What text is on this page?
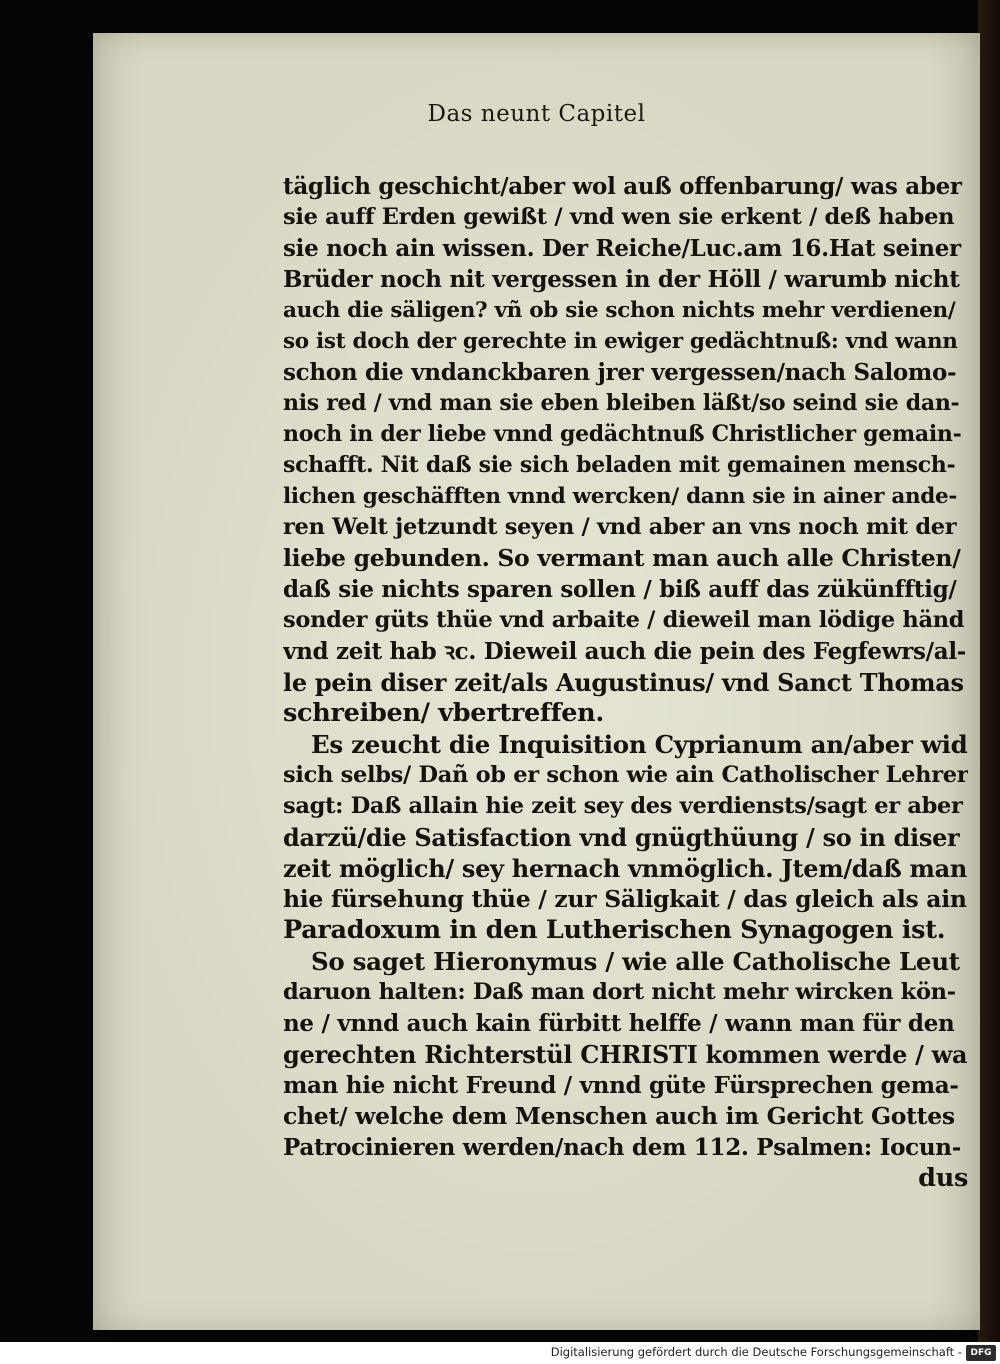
Das neunt Capitel
täglich geschicht/aber wol auß offenbarung/ was aber
sie auff Erden gewißt / vnd wen sie erkent / deß haben
sie noch ain wissen. Der Reiche/Luc.am 16.Hat seiner
Brüder noch nit vergessen in der Höll / warumb nicht
auch die säligen? vñ ob sie schon nichts mehr verdienen/
so ist doch der gerechte in ewiger gedächtnuß: vnd wann
schon die vndanckbaren jrer vergessen/nach Salomo-
nis red / vnd man sie eben bleiben läßt/so seind sie dan-
noch in der liebe vnnd gedächtnuß Christlicher gemain-
schafft. Nit daß sie sich beladen mit gemainen mensch-
lichen geschäfften vnnd wercken/ dann sie in ainer ande-
ren Welt jetzundt seyen / vnd aber an vns noch mit der
liebe gebunden. So vermant man auch alle Christen/
daß sie nichts sparen sollen / biß auff das zükünfftig/
sonder güts thüe vnd arbaite / dieweil man lödige händ
vnd zeit hab ꝛc. Dieweil auch die pein des Fegfewrs/al-
le pein diser zeit/als Augustinus/ vnd Sanct Thomas
schreiben/ vbertreffen.
Es zeucht die Inquisition Cyprianum an/aber wid
sich selbs/ Dañ ob er schon wie ain Catholischer Lehrer
sagt: Daß allain hie zeit sey des verdiensts/sagt er aber
darzü/die Satisfaction vnd gnügthüung / so in diser
zeit möglich/ sey hernach vnmöglich. Jtem/daß man
hie fürsehung thüe / zur Säligkait / das gleich als ain
Paradoxum in den Lutherischen Synagogen ist.
So saget Hieronymus / wie alle Catholische Leut
daruon halten: Daß man dort nicht mehr wircken kön-
ne / vnnd auch kain fürbitt helffe / wann man für den
gerechten Richterstül CHRISTI kommen werde / wa
man hie nicht Freund / vnnd güte Fürsprechen gema-
chet/ welche dem Menschen auch im Gericht Gottes
Patrocinieren werden/nach dem 112. Psalmen: Iocun-
dus
Digitalisierung gefördert durch die Deutsche Forschungsgemeinschaft - DFG
